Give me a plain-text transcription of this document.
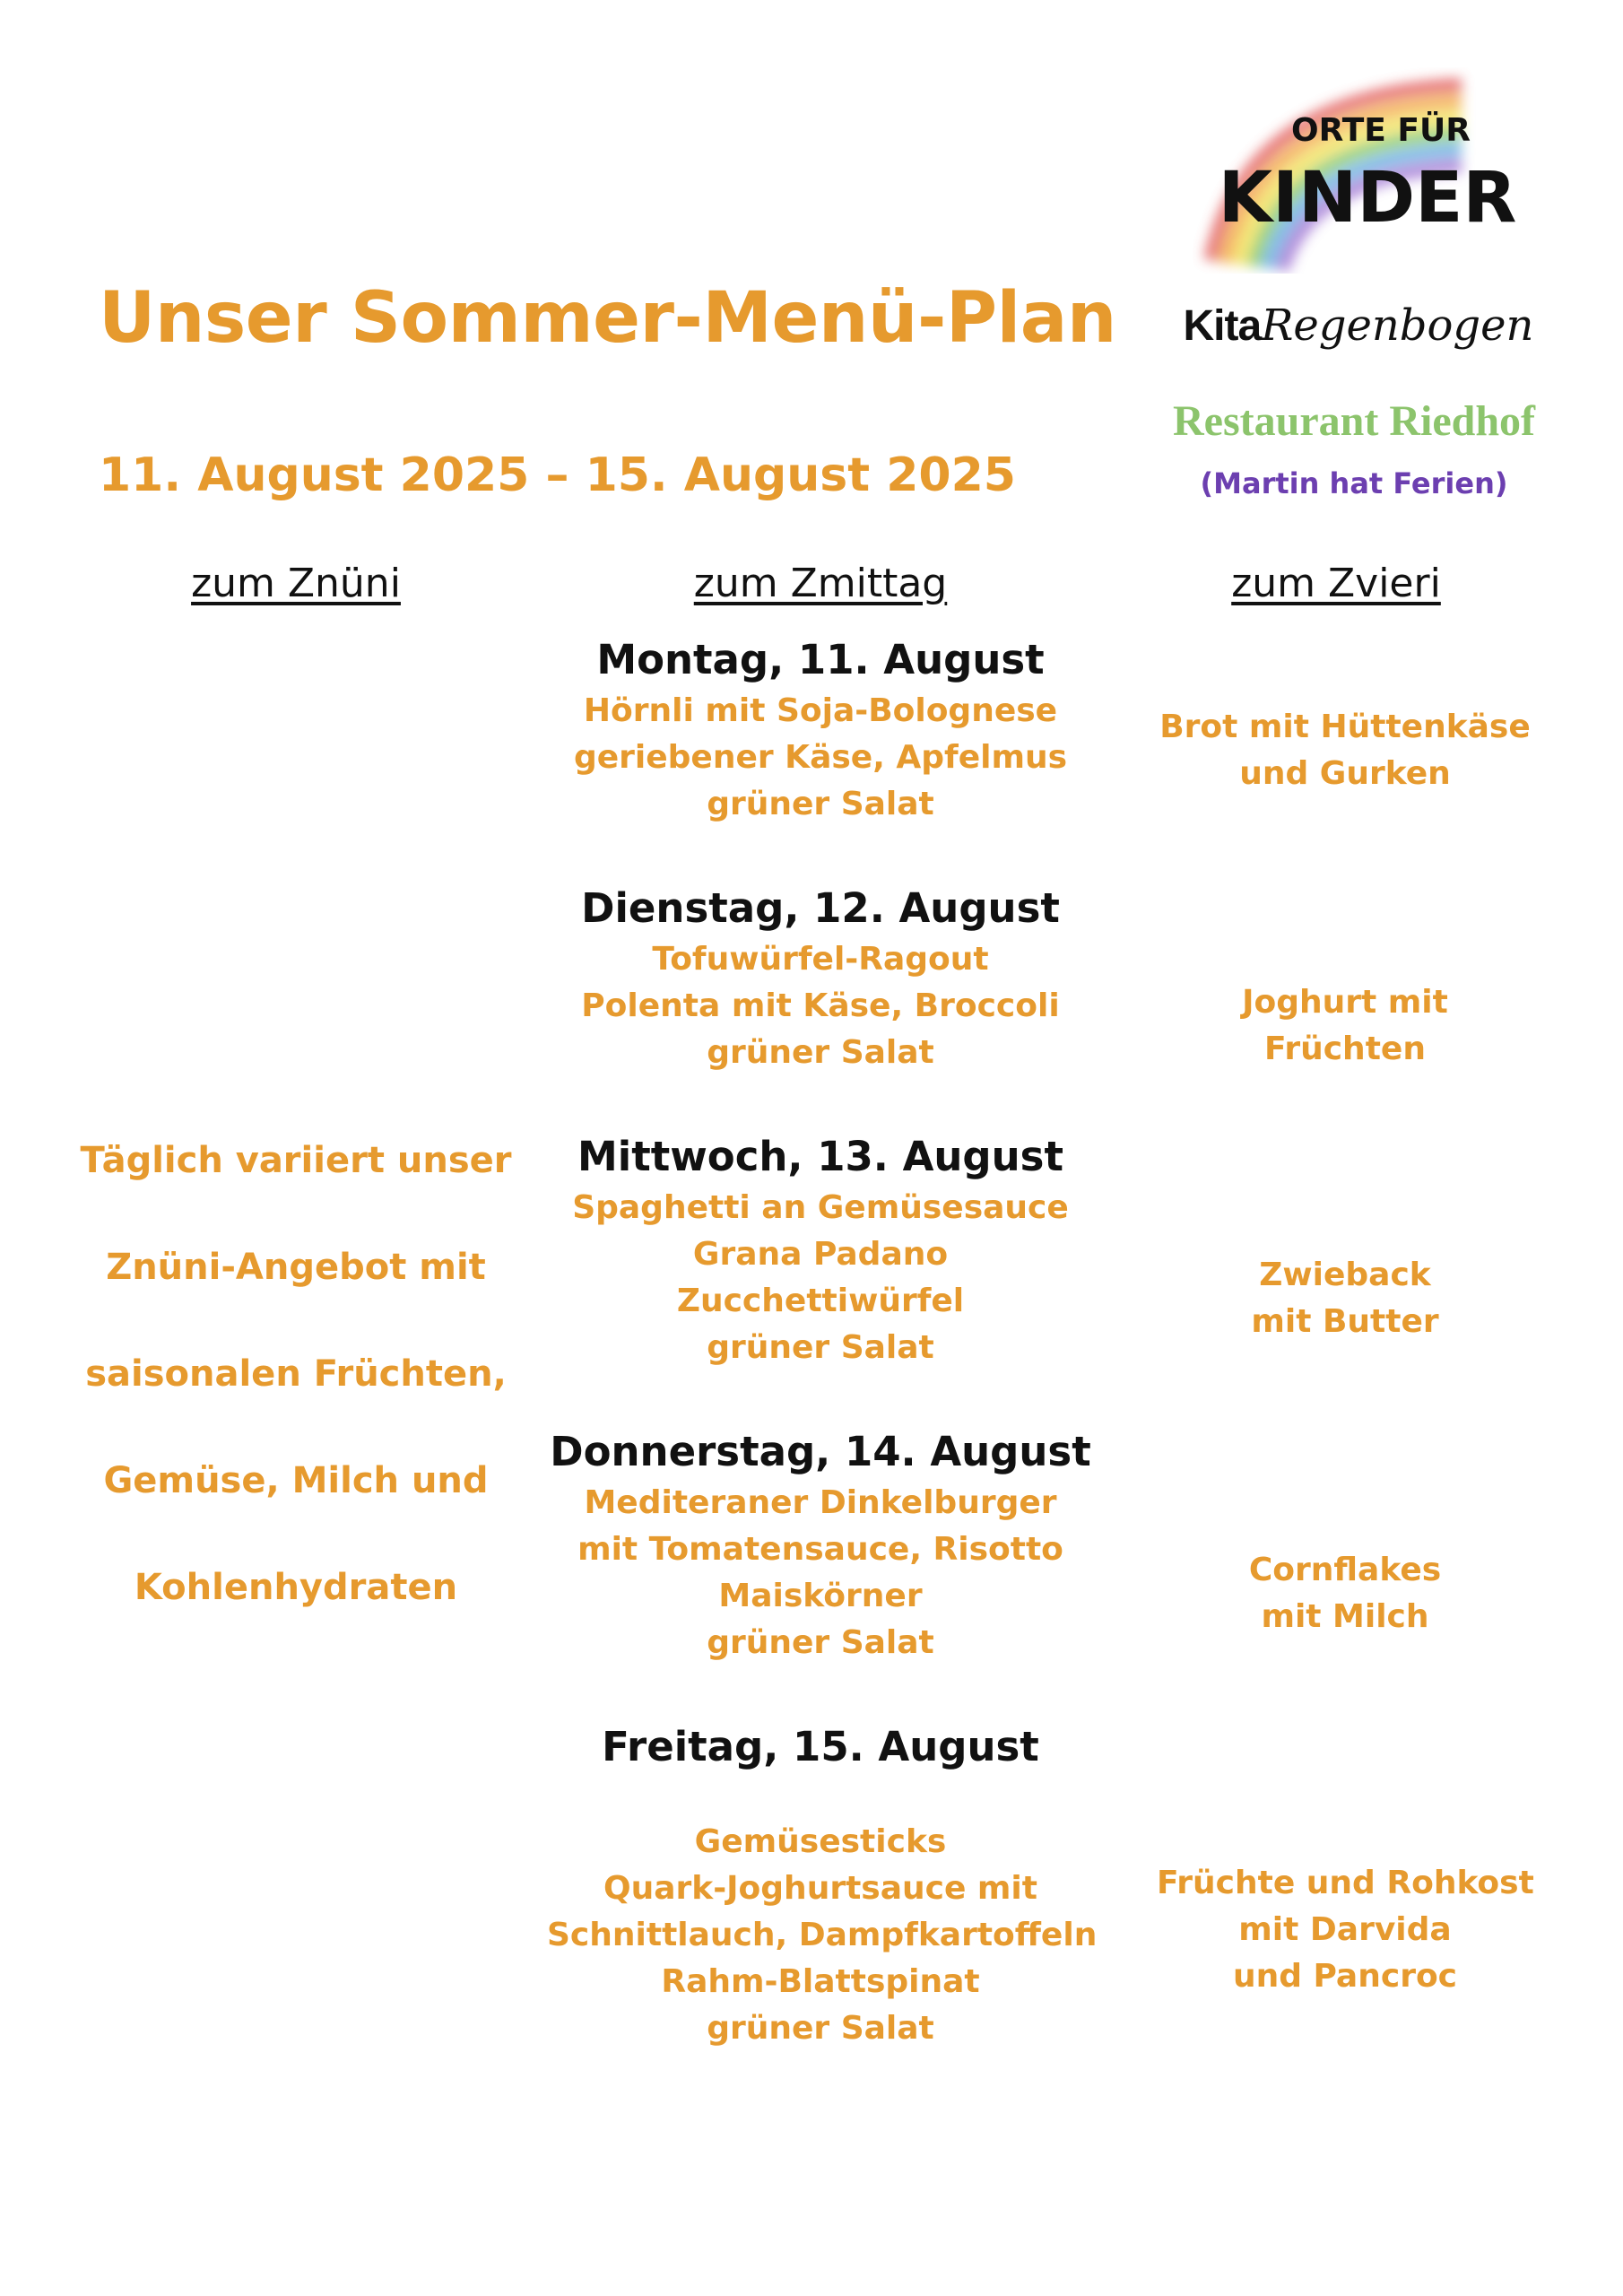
Unser Sommer-Menü-Plan
11. August 2025 – 15. August 2025
ORTE FÜR
KINDER
KitaRegenbogen
Restaurant Riedhof
(Martin hat Ferien)
zum Znüni	zum Zmittag	zum Zvieri
Täglich variiert unser
Znüni-Angebot mit
saisonalen Früchten,
Gemüse, Milch und
Kohlenhydraten
Montag, 11. August
Hörnli mit Soja-Bolognese
geriebener Käse, Apfelmus
grüner Salat
Brot mit Hüttenkäse
und Gurken
Dienstag, 12. August
Tofuwürfel-Ragout
Polenta mit Käse, Broccoli
grüner Salat
Joghurt mit
Früchten
Mittwoch, 13. August
Spaghetti an Gemüsesauce
Grana Padano
Zucchettiwürfel
grüner Salat
Zwieback
mit Butter
Donnerstag, 14. August
Mediteraner Dinkelburger
mit Tomatensauce, Risotto
Maiskörner
grüner Salat
Cornflakes
mit Milch
Freitag, 15. August
Gemüsesticks
Quark-Joghurtsauce mit
Schnittlauch, Dampfkartoffeln
Rahm-Blattspinat
grüner Salat
Früchte und Rohkost
mit Darvida
und Pancroc
